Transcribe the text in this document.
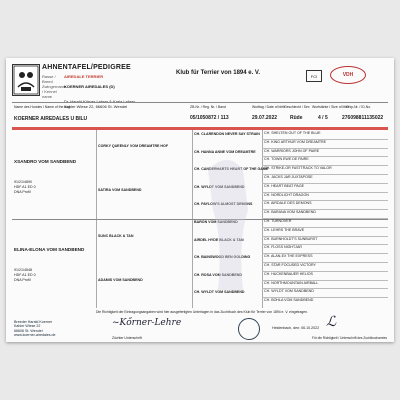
AHNENTAFEL/PEDIGREE
Rasse / Breed
AIREDALE TERRIER
Zwingername / Kennel name
KOERNER AIREDALES (D)
Dr. Harald Körner-Lehrer & Karla Lehrer
Kahler Wiese 22, 66606 St. Wendel
Klub für Terrier von 1894 e. V.	FCI	VDH
Name des Hundes / Name of the dog	ZB-Nr. / Reg. Nr. / Band	Wurftag / Date of birth
Geschlecht / Sex Wurfstärke / Size of litter
Chip-Nr. / ID-No.
05/1050872 / 113	29.07.2022	Rüde	4 / 5	276098811135022
KOERNER AIREDALES U BILU
XSANDRO VOM SANDBEND
91/21/4890
HDF A1 ED 0
DNA Profil
ELINA-ELONA VOM SANDBEND
91/21/4548
HDF A1 ED 0
DNA Profil
CORKY QUEENLY VOM DREAMTRE HOF
SATIRA VOM SANDBEND
SUNC BLACK & TAN
ADAMIS VOM SANDBEND
CH. CLARENDON NEVER SAY STRAIN
CH. HANNA ANNE VOM DREAMTRE
CH. CANDERHARTS HEART OF THE GAME
CH. WYLDT VOM SANDBEND
CH. PAYLOW'S ALMOST DEMONS
BARON VOM SANDBEND
AIRDEL HYDE BLACK & TAN
CH. BAINSWOOD BEN GOLDING
CH. ROSA VOM SANDBEND
CH. WYLDT VOM SANDBEND
CH. SHELTEN OUT OF THE BLUE
CH. KING ARTHUR VOM DREAMTRE
CH. WARRIORS JOHN OF PAIRE
CH. TOWN EWE DE PAIRE
CH. STRIKE-OR FASTTRACK TO VALOR
CH. JACKS JAR JUXTAPOSE
CH. HEART BEAT PAGE
CH. NORDLICHT DRAGON
CH. AIRDALE DES DEMONS
CH. BARANA VOM SANDBEND
CH. TURNOVER
CH. LEHRS THE BRAVE
CH. BURNHOLDT'S SUNBURST
CH. FLOSS NIGHTJAR
CH. ALAN-EX THE EXPRESS
CH. STAR FOCUSED VICTORY
CH. HUCKENBAUER HELIOS
CH. NORTHMOUNTAIN AIRBALL
CH. WYLDT VOM SANDBEND
CH. BOHLA VOM SANDBEND
Die Richtigkeit der Eintragungsangaben wird hier ausgefertigten Unterlagen in das Zuchtbuch des Klub für Terrier von 1894 e. V. eingetragen.
Breeder Harald Koerner
Kahler Wiese 22
66606 St. Wendel
www.koerner-airedales.de
~Kőrner-Lehre
Züchter Unterschrift
Heidenbach, den: 06.10.2022 ℒ
Für die Richtigkeit / Unterschrift des Zuchtbuchamtes
